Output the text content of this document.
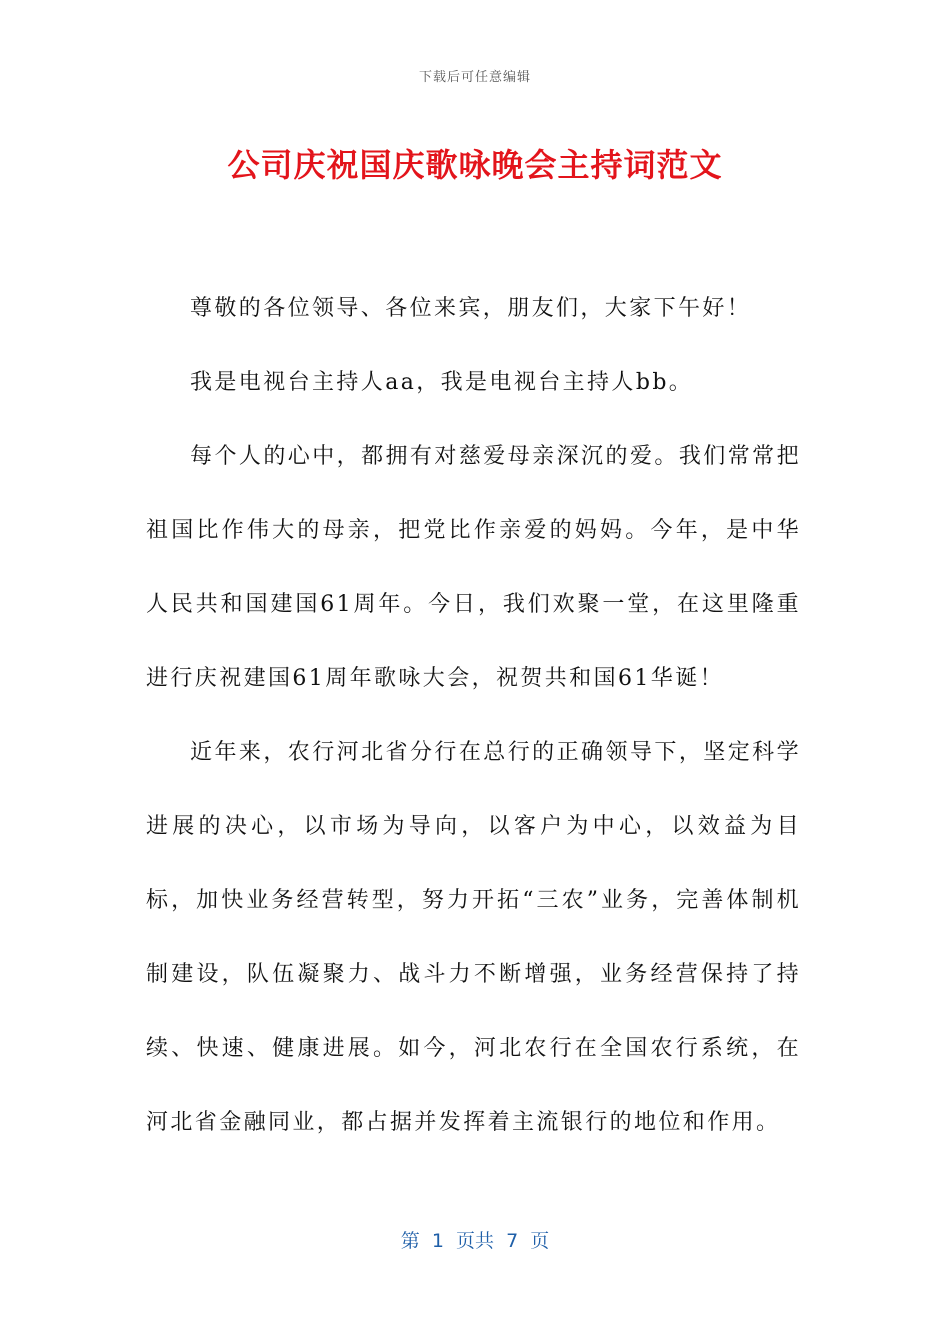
下载后可任意编辑
公司庆祝国庆歌咏晚会主持词范文

尊敬的各位领导、各位来宾，朋友们，大家下午好！

我是电视台主持人aa，我是电视台主持人bb。

每个人的心中，都拥有对慈爱母亲深沉的爱。我们常常把祖国比作伟大的母亲，把党比作亲爱的妈妈。今年，是中华人民共和国建国61周年。今日，我们欢聚一堂，在这里隆重进行庆祝建国61周年歌咏大会，祝贺共和国61华诞！

近年来，农行河北省分行在总行的正确领导下，坚定科学进展的决心，以市场为导向，以客户为中心，以效益为目标，加快业务经营转型，努力开拓“三农”业务，完善体制机制建设，队伍凝聚力、战斗力不断增强，业务经营保持了持续、快速、健康进展。如今，河北农行在全国农行系统，在河北省金融同业，都占据并发挥着主流银行的地位和作用。

第  1  页共  7  页
